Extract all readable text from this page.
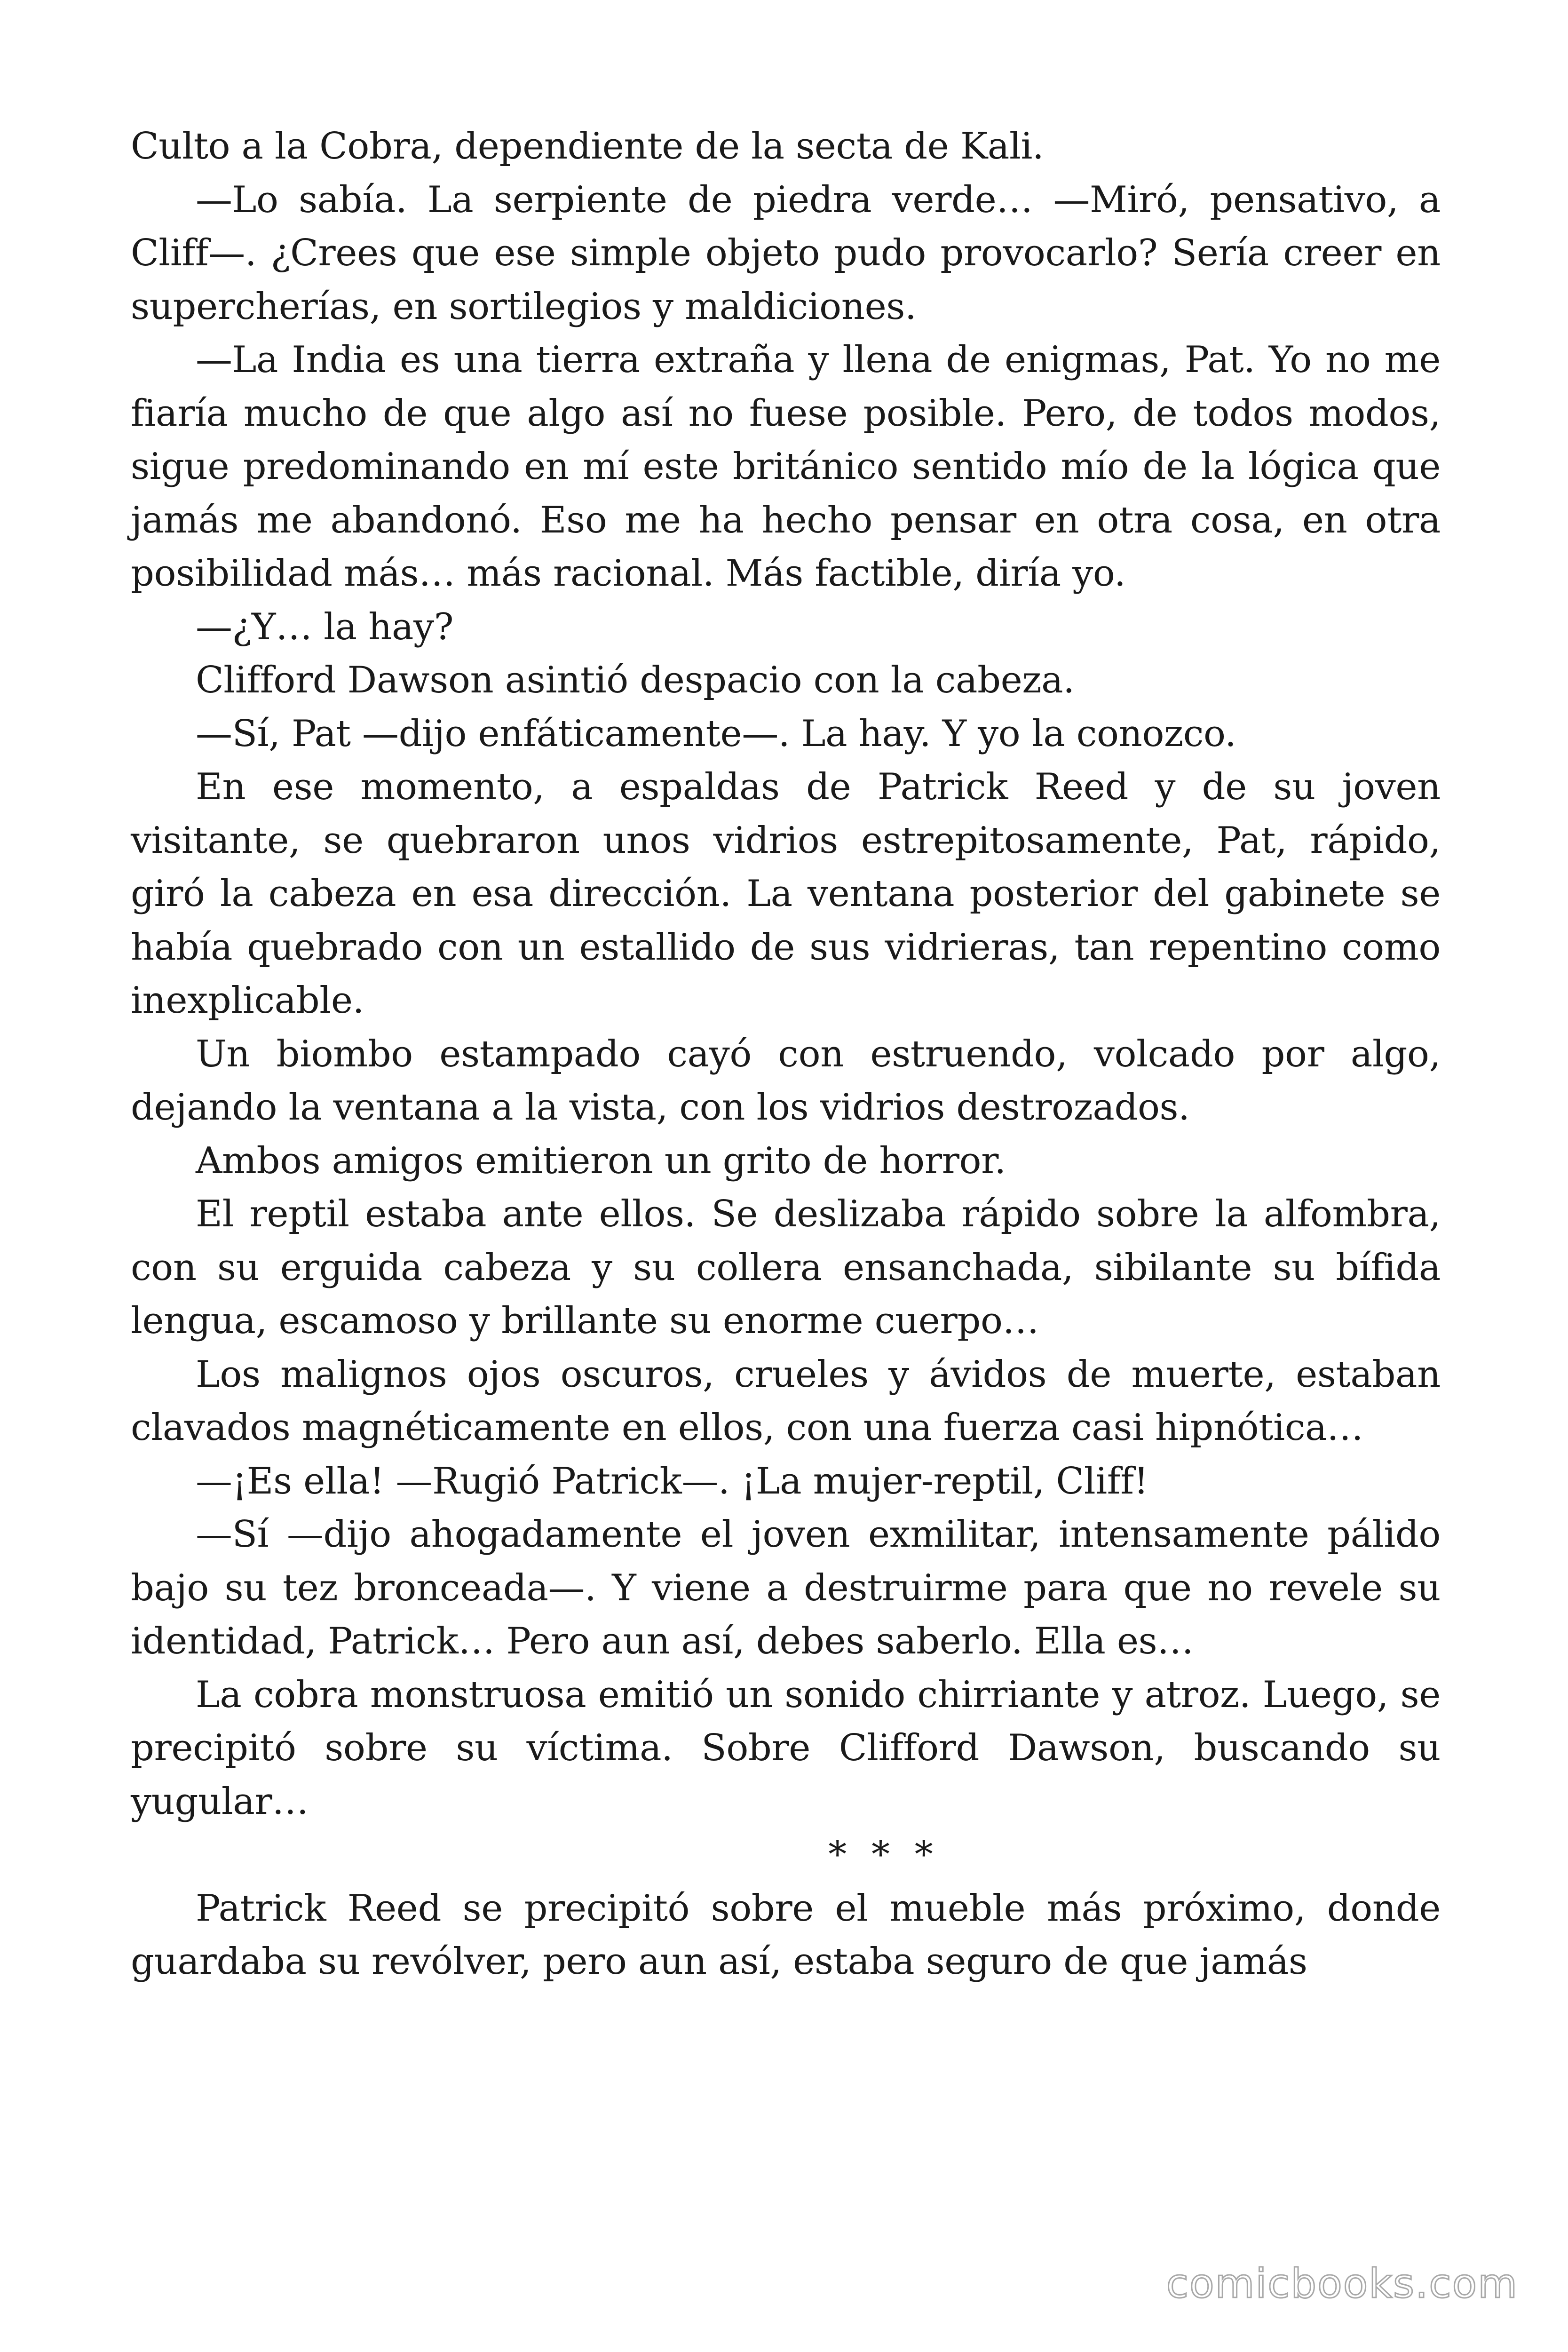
Culto a la Cobra, dependiente de la secta de Kali.

—Lo sabía. La serpiente de piedra verde… —Miró, pensativo, a Cliff—. ¿Crees que ese simple objeto pudo provocarlo? Sería creer en supercherías, en sortilegios y maldiciones.

—La India es una tierra extraña y llena de enigmas, Pat. Yo no me fiaría mucho de que algo así no fuese posible. Pero, de todos modos, sigue predominando en mí este británico sentido mío de la lógica que jamás me abandonó. Eso me ha hecho pensar en otra cosa, en otra posibilidad más… más racional. Más factible, diría yo.

—¿Y… la hay?

Clifford Dawson asintió despacio con la cabeza.

—Sí, Pat —dijo enfáticamente—. La hay. Y yo la conozco.

En ese momento, a espaldas de Patrick Reed y de su joven visitante, se quebraron unos vidrios estrepitosamente, Pat, rápido, giró la cabeza en esa dirección. La ventana posterior del gabinete se había quebrado con un estallido de sus vidrieras, tan repentino como inexplicable.

Un biombo estampado cayó con estruendo, volcado por algo, dejando la ventana a la vista, con los vidrios destrozados.

Ambos amigos emitieron un grito de horror.

El reptil estaba ante ellos. Se deslizaba rápido sobre la alfombra, con su erguida cabeza y su collera ensanchada, sibilante su bífida lengua, escamoso y brillante su enorme cuerpo…

Los malignos ojos oscuros, crueles y ávidos de muerte, estaban clavados magnéticamente en ellos, con una fuerza casi hipnótica…

—¡Es ella! —Rugió Patrick—. ¡La mujer-reptil, Cliff!

—Sí —dijo ahogadamente el joven exmilitar, intensamente pálido bajo su tez bronceada—. Y viene a destruirme para que no revele su identidad, Patrick… Pero aun así, debes saberlo. Ella es…

La cobra monstruosa emitió un sonido chirriante y atroz. Luego, se precipitó sobre su víctima. Sobre Clifford Dawson, buscando su yugular…

* * *

Patrick Reed se precipitó sobre el mueble más próximo, donde guardaba su revólver, pero aun así, estaba seguro de que jamás

comicbooks.com
